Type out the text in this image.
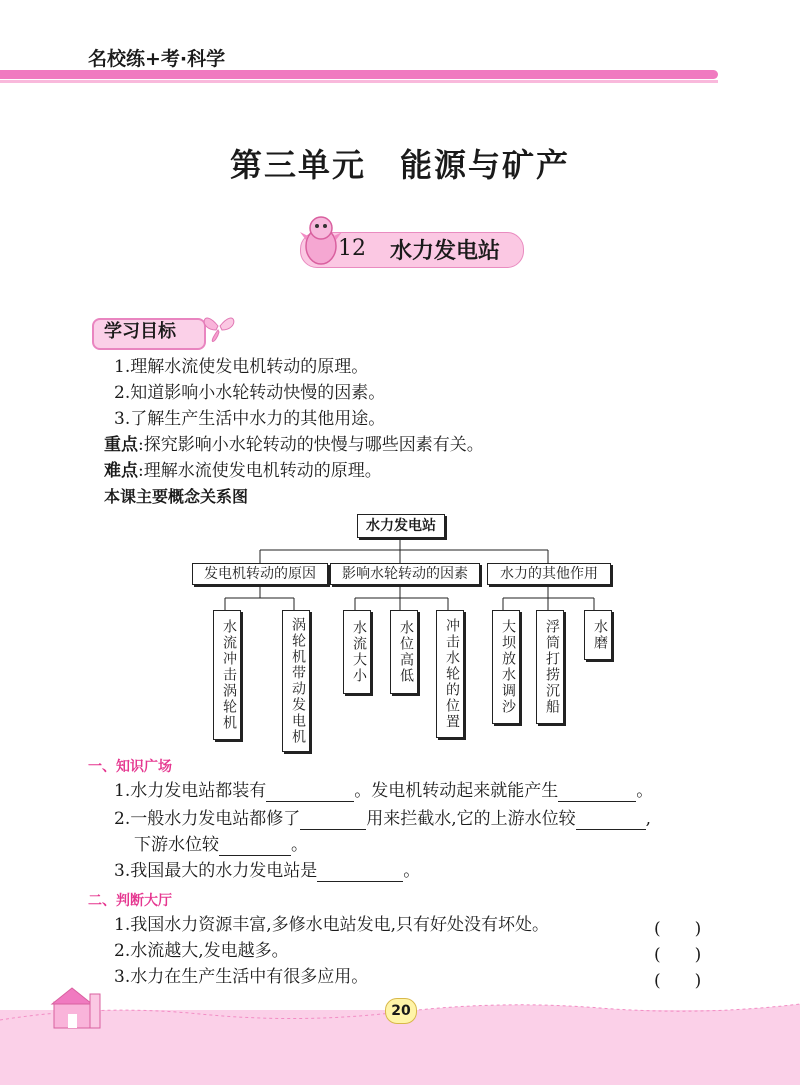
名校练+考·科学
第三单元　能源与矿产
12 水力发电站
学习目标
1.理解水流使发电机转动的原理。
2.知道影响小水轮转动快慢的因素。
3.了解生产生活中水力的其他用途。
重点:探究影响小水轮转动的快慢与哪些因素有关。
难点:理解水流使发电机转动的原理。
本课主要概念关系图
水力发电站
发电机转动的原因	影响水轮转动的因素	水力的其他作用
水流冲击涡轮机	涡轮机带动发电机	水流大小	水位高低	冲击水轮的位置	大坝放水调沙	浮筒打捞沉船	水磨
一、知识广场
1.水力发电站都装有	。发电机转动起来就能产生	。
2.一般水力发电站都修了	用来拦截水,它的上游水位较	,
下游水位较	。
3.我国最大的水力发电站是	。
二、判断大厅
1.我国水力资源丰富,多修水电站发电,只有好处没有坏处。	(　　)
2.水流越大,发电越多。	(　　)
3.水力在生产生活中有很多应用。	(　　)
20
